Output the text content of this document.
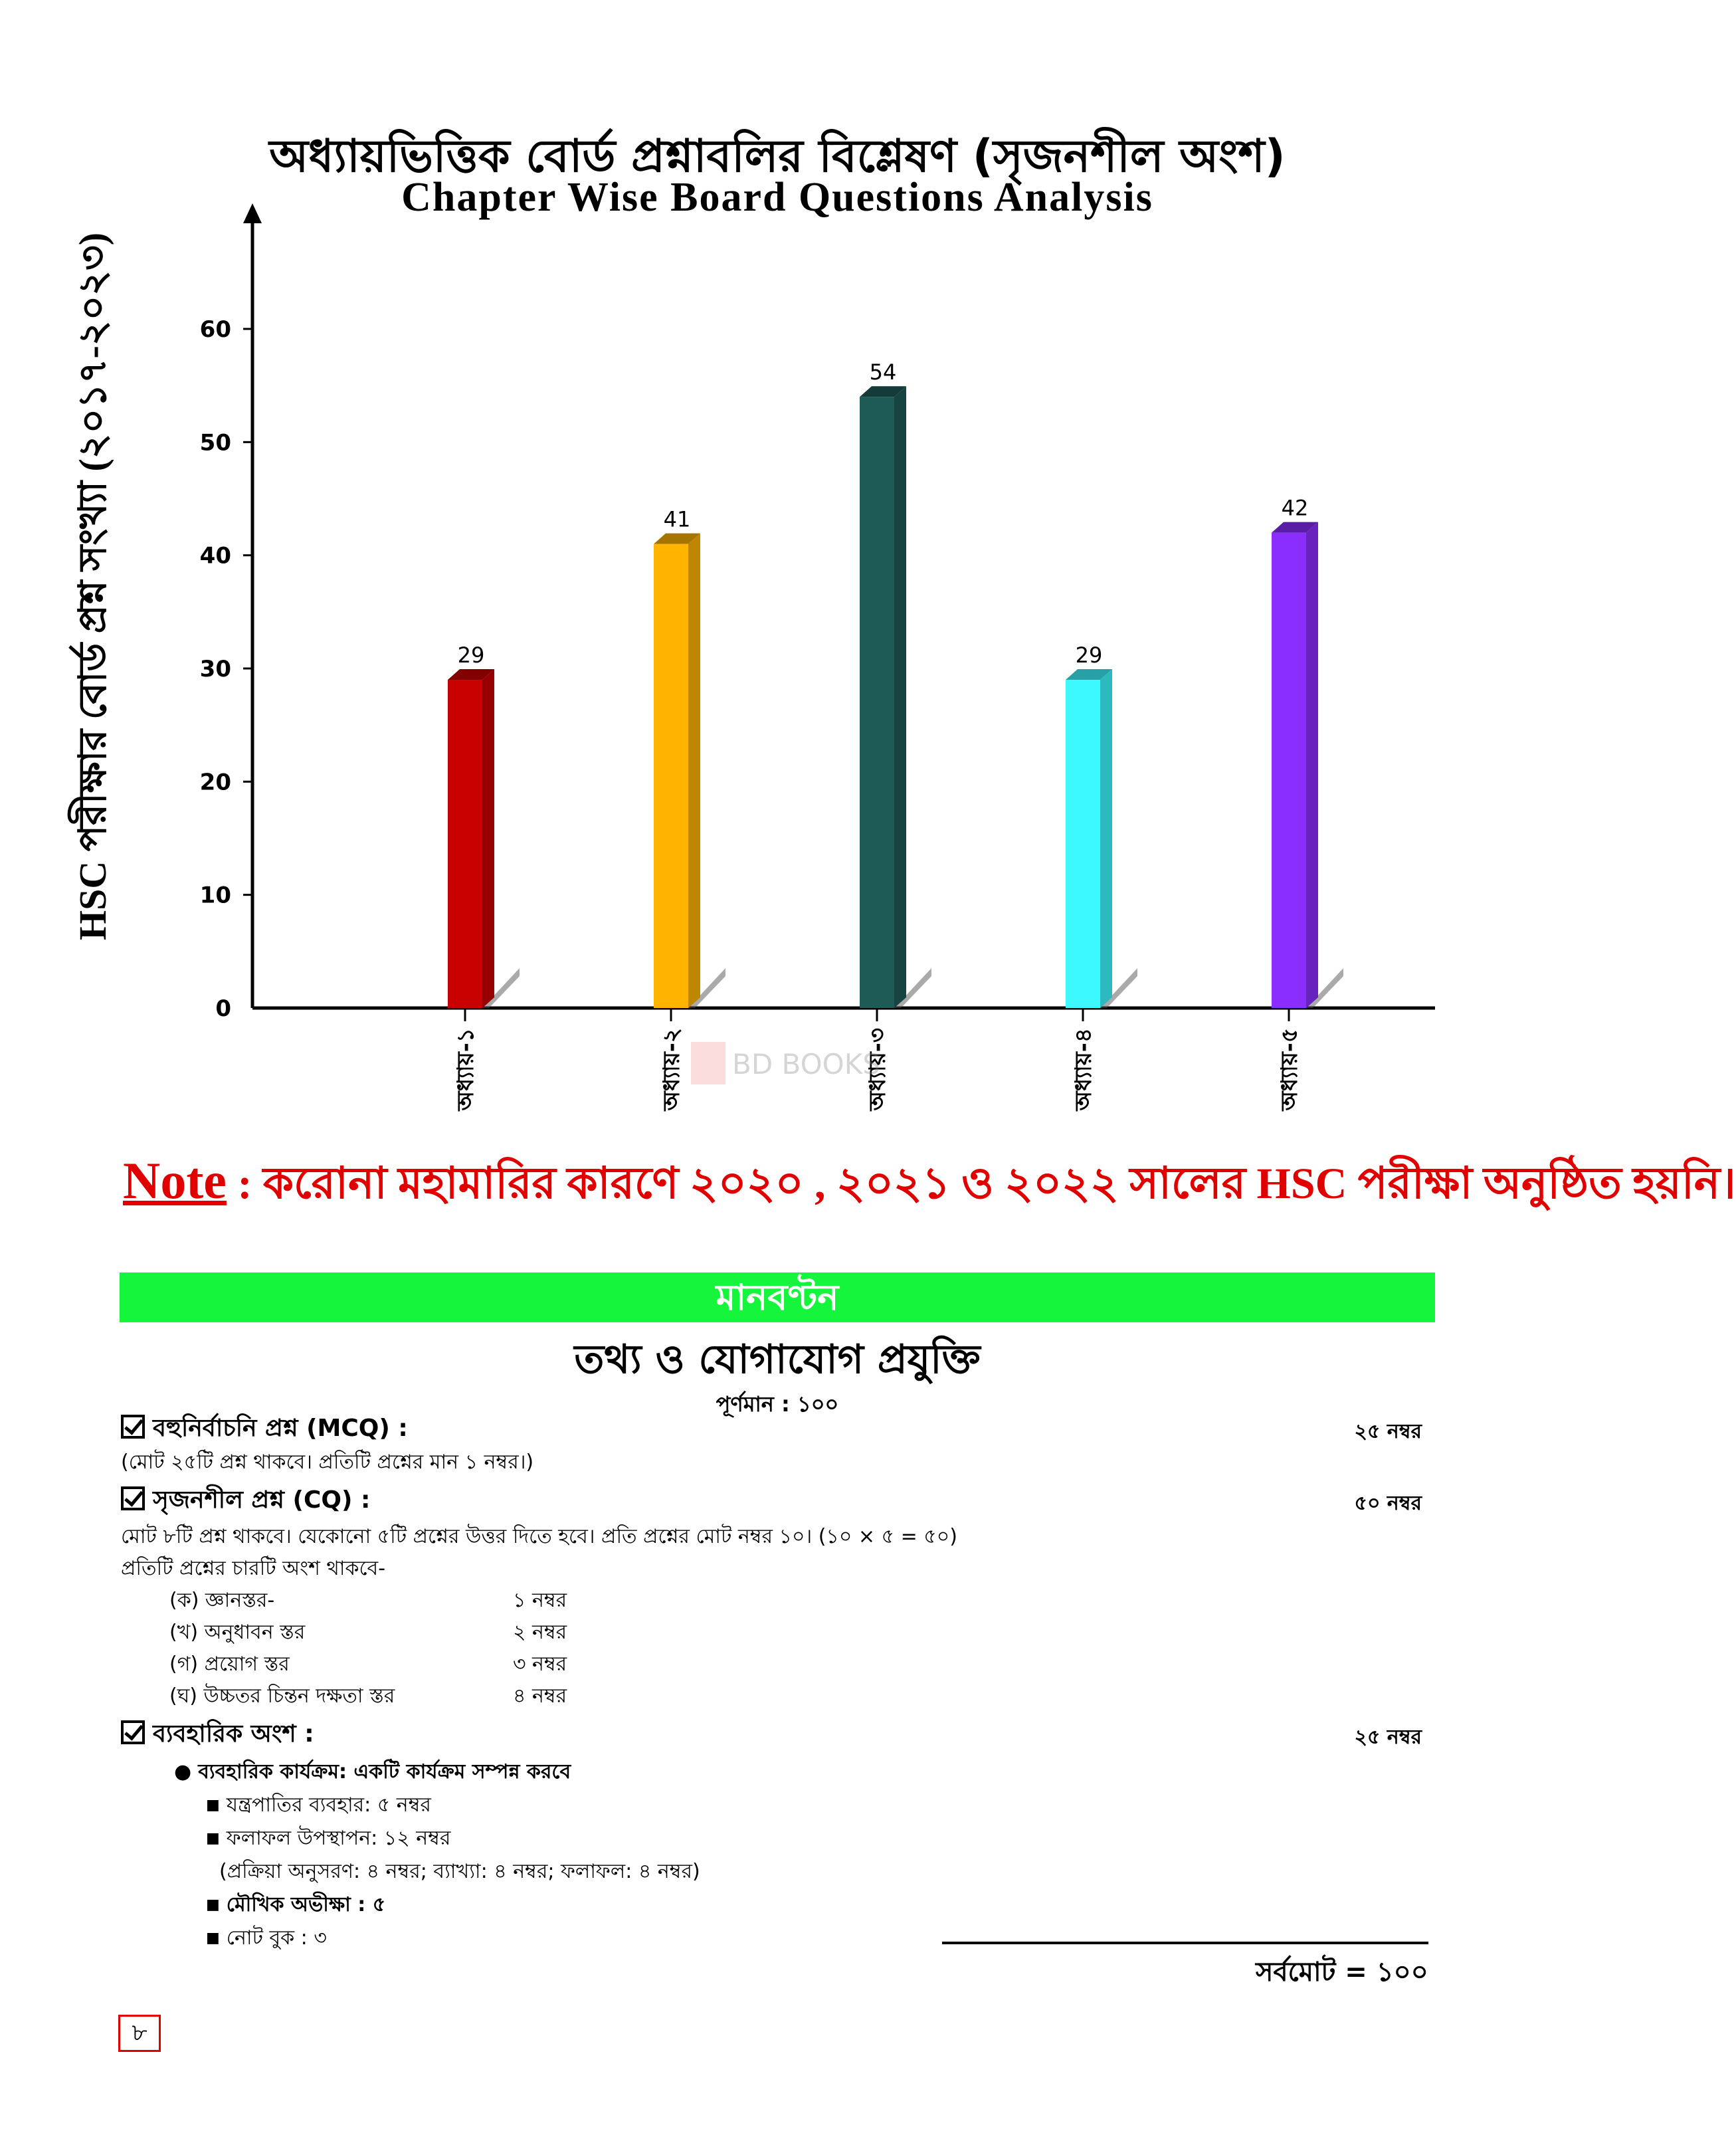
অধ্যায়ভিত্তিক বোর্ড প্রশ্নাবলির বিশ্লেষণ (সৃজনশীল অংশ)
Chapter Wise Board Questions Analysis
0
10
20
30
40
50
60
29
অধ্যায়-১
41
অধ্যায়-২
54
অধ্যায়-৩
29
অধ্যায়-৪
42
অধ্যায়-৫
HSC পরীক্ষার বোর্ড প্রশ্ন সংখ্যা (২০১৭-২০২৩)
BD BOOKS
Note : করোনা মহামারির কারণে ২০২০ , ২০২১ ও ২০২২ সালের HSC পরীক্ষা অনুষ্ঠিত হয়নি।
মানবণ্টন
তথ্য ও যোগাযোগ প্রযুক্তি
পূর্ণমান : ১০০
বহুনির্বাচনি প্রশ্ন (MCQ) :	২৫ নম্বর
(মোট ২৫টি প্রশ্ন থাকবে। প্রতিটি প্রশ্নের মান ১ নম্বর।)
সৃজনশীল প্রশ্ন (CQ) :	৫০ নম্বর
মোট ৮টি প্রশ্ন থাকবে। যেকোনো ৫টি প্রশ্নের উত্তর দিতে হবে। প্রতি প্রশ্নের মোট নম্বর ১০। (১০ × ৫ = ৫০)
প্রতিটি প্রশ্নের চারটি অংশ থাকবে-
(ক) জ্ঞানস্তর-	১ নম্বর
(খ) অনুধাবন স্তর	২ নম্বর
(গ) প্রয়োগ স্তর	৩ নম্বর
(ঘ) উচ্চতর চিন্তন দক্ষতা স্তর	৪ নম্বর
ব্যবহারিক অংশ :	২৫ নম্বর
● ব্যবহারিক কার্যক্রম: একটি কার্যক্রম সম্পন্ন করবে
■ যন্ত্রপাতির ব্যবহার: ৫ নম্বর
■ ফলাফল উপস্থাপন: ১২ নম্বর
(প্রক্রিয়া অনুসরণ: ৪ নম্বর; ব্যাখ্যা: ৪ নম্বর; ফলাফল: ৪ নম্বর)
■ মৌখিক অভীক্ষা : ৫
■ নোট বুক : ৩
সর্বমোট = ১০০
৮
